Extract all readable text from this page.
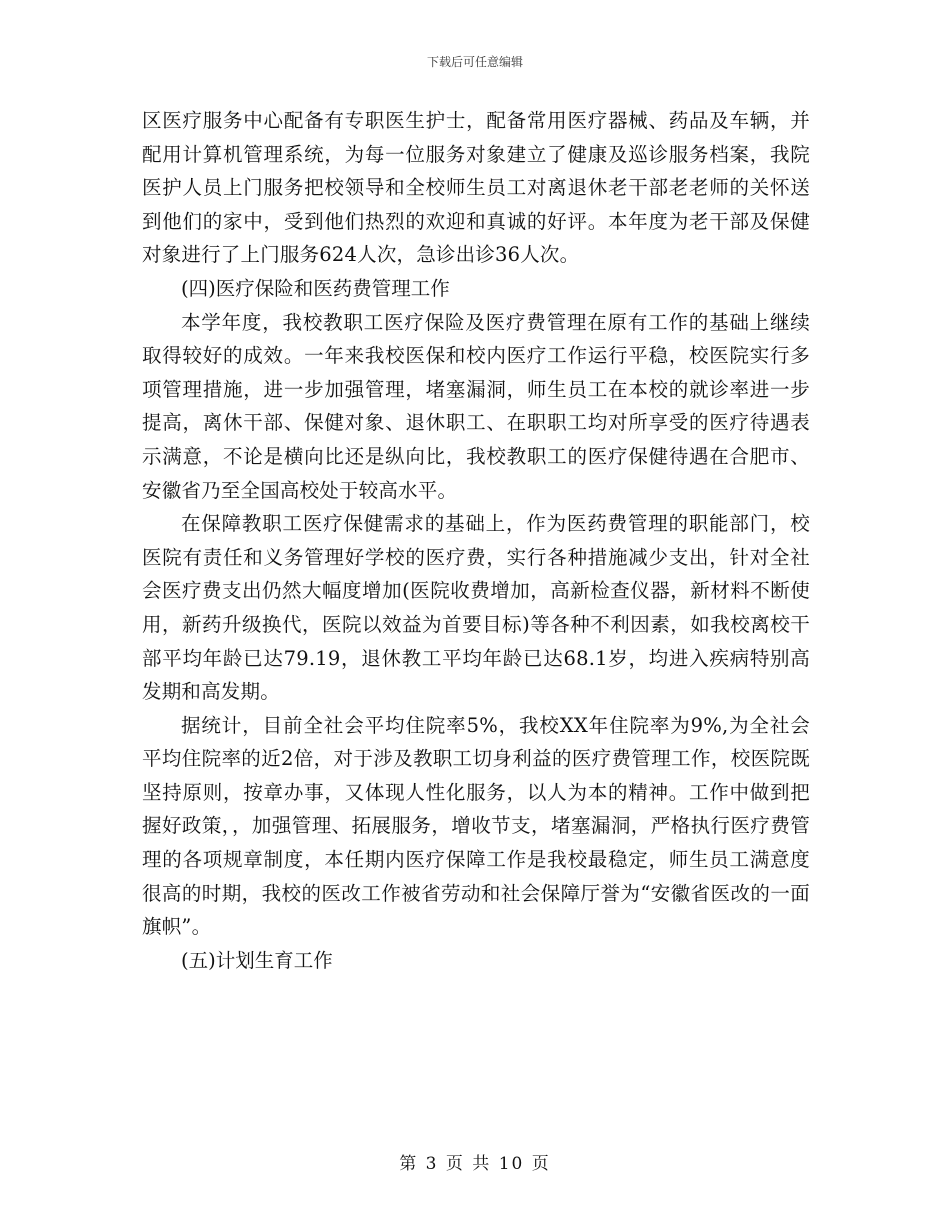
下载后可任意编辑

区医疗服务中心配备有专职医生护士，配备常用医疗器械、药品及车辆，并配用计算机管理系统，为每一位服务对象建立了健康及巡诊服务档案，我院医护人员上门服务把校领导和全校师生员工对离退休老干部老老师的关怀送到他们的家中，受到他们热烈的欢迎和真诚的好评。本年度为老干部及保健对象进行了上门服务624人次，急诊出诊36人次。

(四)医疗保险和医药费管理工作

本学年度，我校教职工医疗保险及医疗费管理在原有工作的基础上继续取得较好的成效。一年来我校医保和校内医疗工作运行平稳，校医院实行多项管理措施，进一步加强管理，堵塞漏洞，师生员工在本校的就诊率进一步提高，离休干部、保健对象、退休职工、在职职工均对所享受的医疗待遇表示满意，不论是横向比还是纵向比，我校教职工的医疗保健待遇在合肥市、安徽省乃至全国高校处于较高水平。

在保障教职工医疗保健需求的基础上，作为医药费管理的职能部门，校医院有责任和义务管理好学校的医疗费，实行各种措施减少支出，针对全社会医疗费支出仍然大幅度增加(医院收费增加，高新检查仪器，新材料不断使用，新药升级换代，医院以效益为首要目标)等各种不利因素，如我校离校干部平均年龄已达79.19，退休教工平均年龄已达68.1岁，均进入疾病特别高发期和高发期。

据统计，目前全社会平均住院率5%，我校XX年住院率为9%,为全社会平均住院率的近2倍，对于涉及教职工切身利益的医疗费管理工作，校医院既坚持原则，按章办事，又体现人性化服务，以人为本的精神。工作中做到把握好政策，，加强管理、拓展服务，增收节支，堵塞漏洞，严格执行医疗费管理的各项规章制度，本任期内医疗保障工作是我校最稳定，师生员工满意度很高的时期，我校的医改工作被省劳动和社会保障厅誉为“安徽省医改的一面旗帜”。

(五)计划生育工作

第 3 页 共 10 页
